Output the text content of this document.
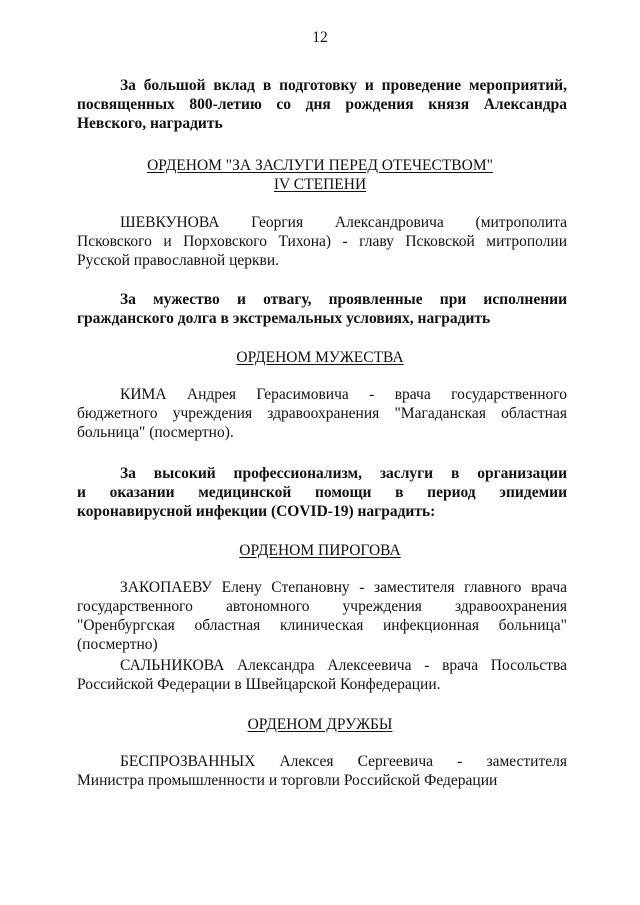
12
За большой вклад в подготовку и проведение мероприятий,
посвященных 800-летию со дня рождения князя Александра
Невского, наградить
ОРДЕНОМ "ЗА ЗАСЛУГИ ПЕРЕД ОТЕЧЕСТВОМ"
IV СТЕПЕНИ
ШЕВКУНОВА Георгия Александровича (митрополита
Псковского и Порховского Тихона) - главу Псковской митрополии
Русской православной церкви.
За мужество и отвагу, проявленные при исполнении
гражданского долга в экстремальных условиях, наградить
ОРДЕНОМ МУЖЕСТВА
КИМА Андрея Герасимовича - врача государственного
бюджетного учреждения здравоохранения "Магаданская областная
больница" (посмертно).
За высокий профессионализм, заслуги в организации
и оказании медицинской помощи в период эпидемии
коронавирусной инфекции (COVID-19) наградить:
ОРДЕНОМ ПИРОГОВА
ЗАКОПАЕВУ Елену Степановну - заместителя главного врача
государственного автономного учреждения здравоохранения
"Оренбургская областная клиническая инфекционная больница"
(посмертно)
САЛЬНИКОВА Александра Алексеевича - врача Посольства
Российской Федерации в Швейцарской Конфедерации.
ОРДЕНОМ ДРУЖБЫ
БЕСПРОЗВАННЫХ Алексея Сергеевича - заместителя
Министра промышленности и торговли Российской Федерации
